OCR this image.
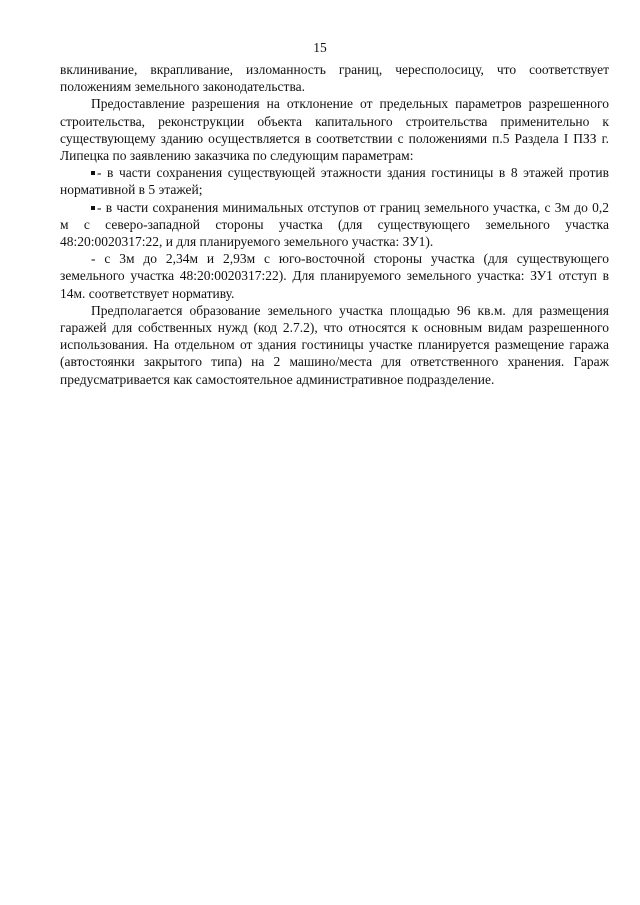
15

вклинивание, вкрапливание, изломанность границ, чересполосицу, что соответствует положениям земельного законодательства.

Предоставление разрешения на отклонение от предельных параметров разрешенного строительства, реконструкции объекта капитального строительства применительно к существующему зданию осуществляется в соответствии с положениями п.5 Раздела I ПЗЗ г. Липецка по заявлению заказчика по следующим параметрам:

- в части сохранения существующей этажности здания гостиницы в 8 этажей против нормативной в 5 этажей;

- в части сохранения минимальных отступов от границ земельного участка, с 3м до 0,2 м с северо-западной стороны участка (для существующего земельного участка 48:20:0020317:22, и для планируемого земельного участка: ЗУ1).

- с 3м до 2,34м и 2,93м с юго-восточной стороны участка (для существующего земельного участка 48:20:0020317:22). Для планируемого земельного участка: ЗУ1 отступ в 14м. соответствует нормативу.

Предполагается образование земельного участка площадью 96 кв.м. для размещения гаражей для собственных нужд (код 2.7.2), что относятся к основным видам разрешенного использования. На отдельном от здания гостиницы участке планируется размещение гаража (автостоянки закрытого типа) на 2 машино/места для ответственного хранения. Гараж предусматривается как самостоятельное административное подразделение.
